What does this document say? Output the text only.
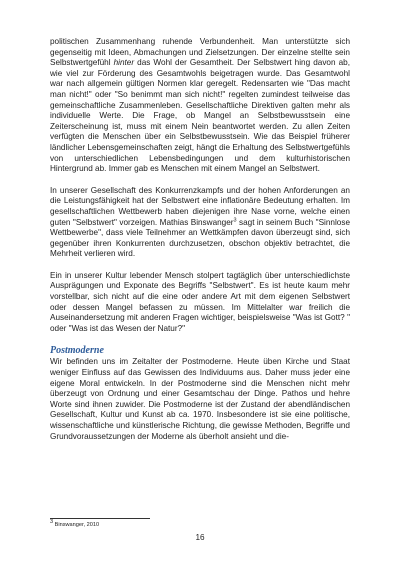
politischen Zusammenhang ruhende Verbundenheit. Man unterstützte sich gegenseitig mit Ideen, Abmachungen und Zielsetzungen. Der einzelne stellte sein Selbstwertgefühl hinter das Wohl der Gesamtheit. Der Selbstwert hing davon ab, wie viel zur Förderung des Gesamtwohls beigetragen wurde. Das Gesamtwohl war nach allgemein gültigen Normen klar geregelt. Redensarten wie "Das macht man nicht!" oder "So benimmt man sich nicht!" regelten zumindest teilweise das gemeinschaftliche Zusammenleben. Gesellschaftliche Direktiven galten mehr als individuelle Werte. Die Frage, ob Mangel an Selbstbewusstsein eine Zeiterscheinung ist, muss mit einem Nein beantwortet werden. Zu allen Zeiten verfügten die Menschen über ein Selbstbewusstsein. Wie das Beispiel früherer ländlicher Lebensgemeinschaften zeigt, hängt die Erhaltung des Selbstwertgefühls von unterschiedlichen Lebensbedingungen und dem kulturhistorischen Hintergrund ab. Immer gab es Menschen mit einem Mangel an Selbstwert.

In unserer Gesellschaft des Konkurrenzkampfs und der hohen Anforderungen an die Leistungsfähigkeit hat der Selbstwert eine inflationäre Bedeutung erhalten. Im gesellschaftlichen Wettbewerb haben diejenigen ihre Nase vorne, welche einen guten "Selbstwert" vorzeigen. Mathias Binswanger$^3$ sagt in seinem Buch "Sinnlose Wettbewerbe", dass viele Teilnehmer an Wettkämpfen davon überzeugt sind, sich gegenüber ihren Konkurrenten durchzusetzen, obschon objektiv betrachtet, die Mehrheit verlieren wird.

Ein in unserer Kultur lebender Mensch stolpert tagtäglich über unterschiedlichste Ausprägungen und Exponate des Begriffs "Selbstwert". Es ist heute kaum mehr vorstellbar, sich nicht auf die eine oder andere Art mit dem eigenen Selbstwert oder dessen Mangel befassen zu müssen. Im Mittelalter war freilich die Auseinandersetzung mit anderen Fragen wichtiger, beispielsweise "Was ist Gott? " oder "Was ist das Wesen der Natur?"

Postmoderne

Wir befinden uns im Zeitalter der Postmoderne. Heute üben Kirche und Staat weniger Einfluss auf das Gewissen des Individuums aus. Daher muss jeder eine eigene Moral entwickeln. In der Postmoderne sind die Menschen nicht mehr überzeugt von Ordnung und einer Gesamtschau der Dinge. Pathos und hehre Worte sind ihnen zuwider. Die Postmoderne ist der Zustand der abendländischen Gesellschaft, Kultur und Kunst ab ca. 1970. Insbesondere ist sie eine politische, wissenschaftliche und künstlerische Richtung, die gewisse Methoden, Begriffe und Grundvoraussetzungen der Moderne als überholt ansieht und die-

$^3$ Binswanger, 2010
16
